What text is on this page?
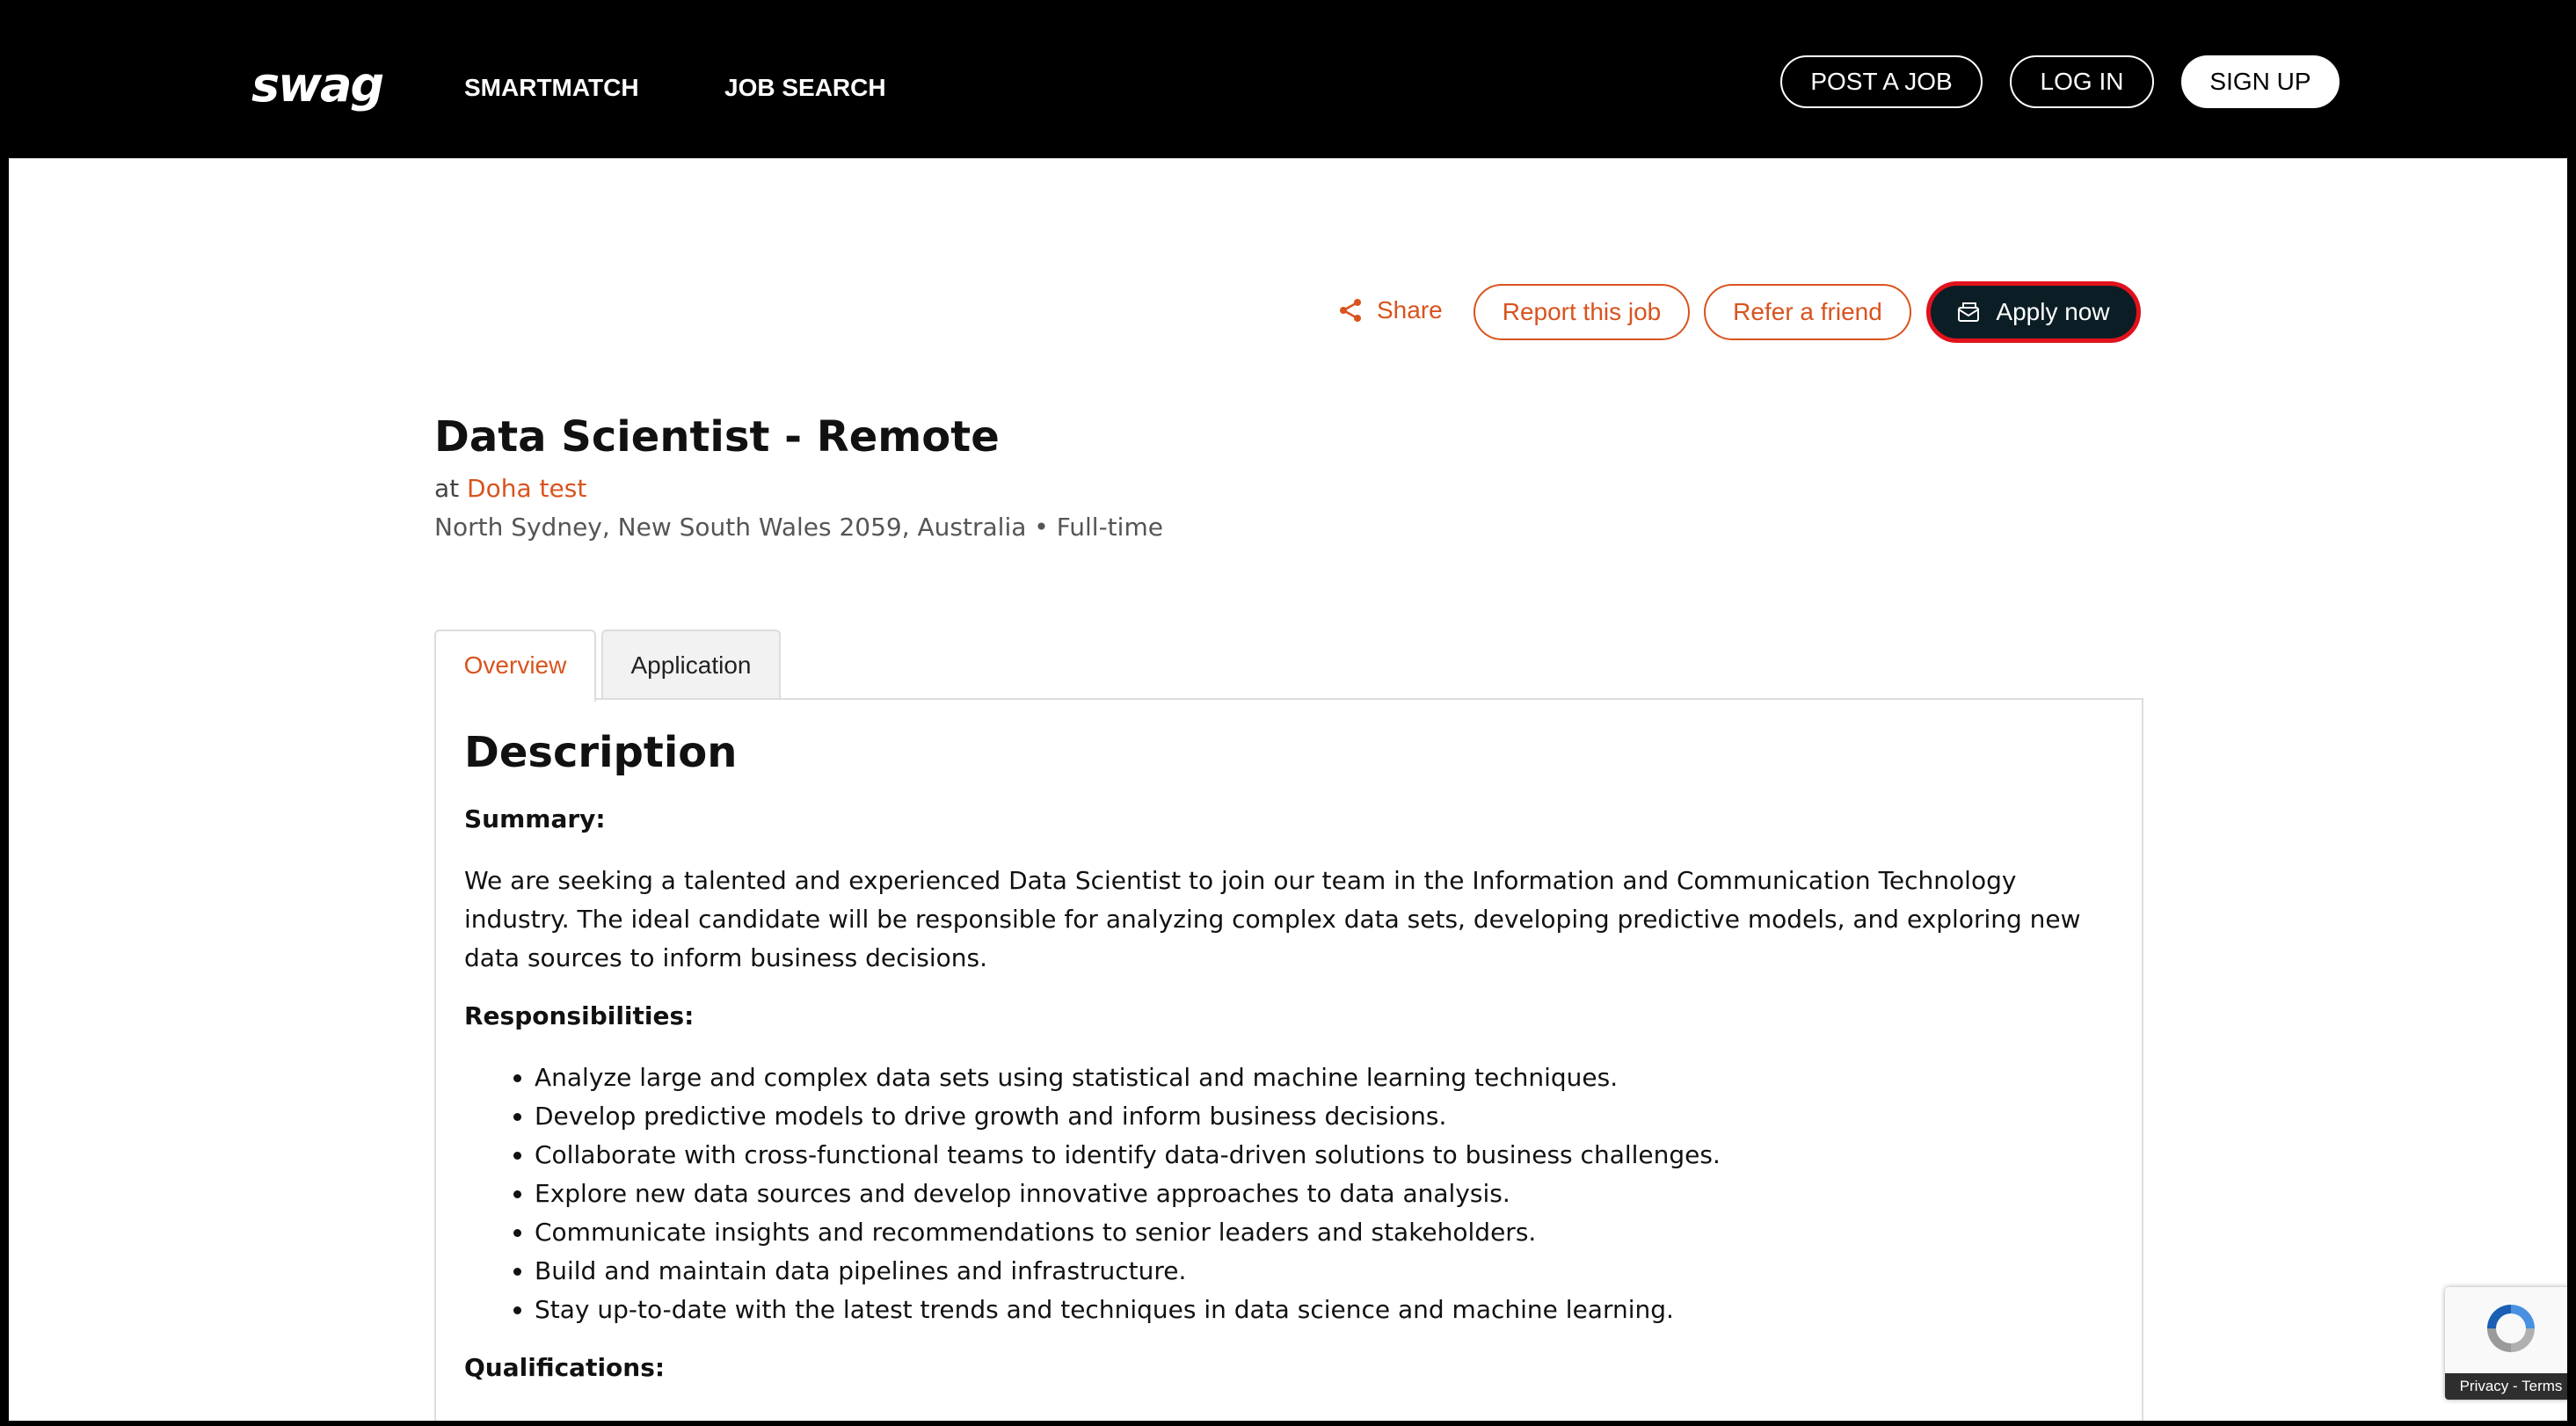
swag	SMARTMATCH	JOB SEARCH	POST A JOB	LOG IN	SIGN UP
Share	Report this job	Refer a friend	Apply now
Data Scientist - Remote
at Doha test
North Sydney, New South Wales 2059, Australia • Full-time
Overview	Application
Description
Summary:

We are seeking a talented and experienced Data Scientist to join our team in the Information and Communication Technology industry. The ideal candidate will be responsible for analyzing complex data sets, developing predictive models, and exploring new data sources to inform business decisions.

Responsibilities:
• Analyze large and complex data sets using statistical and machine learning techniques.
• Develop predictive models to drive growth and inform business decisions.
• Collaborate with cross-functional teams to identify data-driven solutions to business challenges.
• Explore new data sources and develop innovative approaches to data analysis.
• Communicate insights and recommendations to senior leaders and stakeholders.
• Build and maintain data pipelines and infrastructure.
• Stay up-to-date with the latest trends and techniques in data science and machine learning.
Qualifications:
Privacy - Terms
